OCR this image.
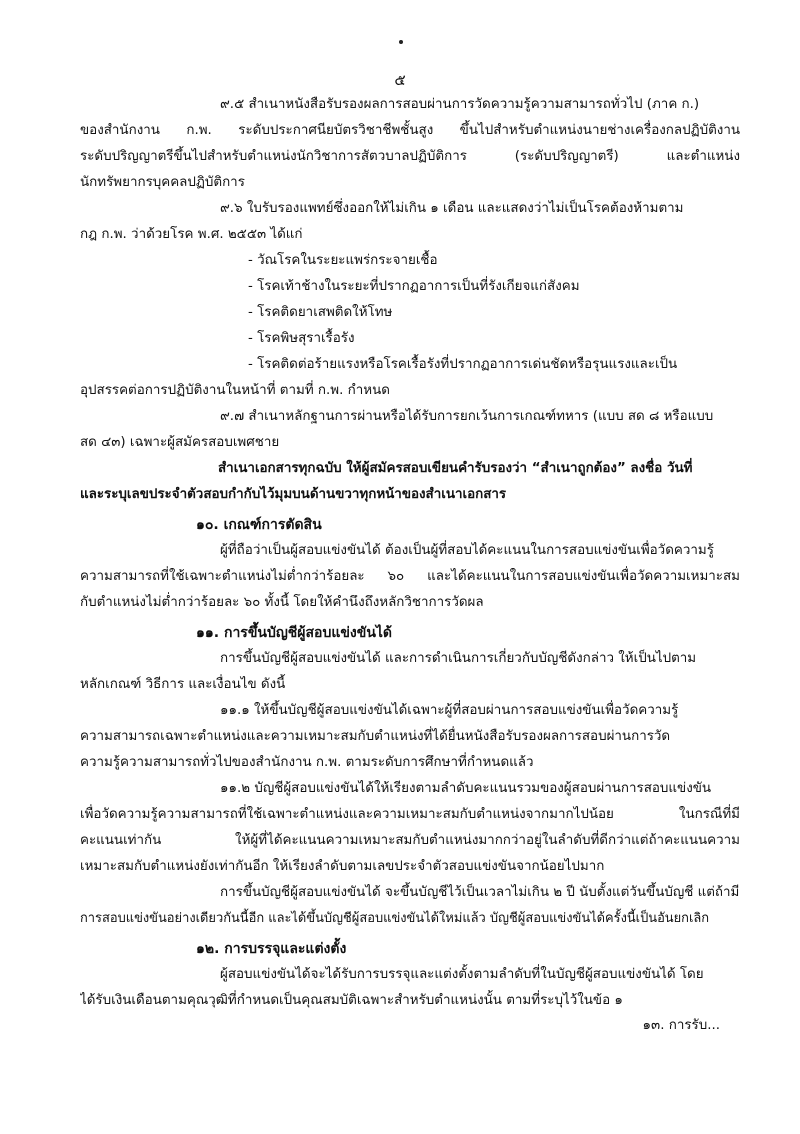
๕
๙.๕ สำเนาหนังสือรับรองผลการสอบผ่านการวัดความรู้ความสามารถทั่วไป (ภาค ก.)
ของสำนักงาน ก.พ. ระดับประกาศนียบัตรวิชาชีพชั้นสูง ขึ้นไปสำหรับตำแหน่งนายช่างเครื่องกลปฏิบัติงาน
ระดับปริญญาตรีขึ้นไปสำหรับตำแหน่งนักวิชาการสัตวบาลปฏิบัติการ (ระดับปริญญาตรี) และตำแหน่ง
นักทรัพยากรบุคคลปฏิบัติการ
๙.๖ ใบรับรองแพทย์ซึ่งออกให้ไม่เกิน ๑ เดือน และแสดงว่าไม่เป็นโรคต้องห้ามตาม
กฎ ก.พ. ว่าด้วยโรค พ.ศ. ๒๕๕๓ ได้แก่
- วัณโรคในระยะแพร่กระจายเชื้อ
- โรคเท้าช้างในระยะที่ปรากฏอาการเป็นที่รังเกียจแก่สังคม
- โรคติดยาเสพติดให้โทษ
- โรคพิษสุราเรื้อรัง
- โรคติดต่อร้ายแรงหรือโรคเรื้อรังที่ปรากฏอาการเด่นชัดหรือรุนแรงและเป็น
อุปสรรคต่อการปฏิบัติงานในหน้าที่ ตามที่ ก.พ. กำหนด
๙.๗ สำเนาหลักฐานการผ่านหรือได้รับการยกเว้นการเกณฑ์ทหาร (แบบ สด ๘ หรือแบบ
สด ๔๓) เฉพาะผู้สมัครสอบเพศชาย
สำเนาเอกสารทุกฉบับ ให้ผู้สมัครสอบเขียนคำรับรองว่า “สำเนาถูกต้อง” ลงชื่อ วันที่
และระบุเลขประจำตัวสอบกำกับไว้มุมบนด้านขวาทุกหน้าของสำเนาเอกสาร
๑๐. เกณฑ์การตัดสิน
ผู้ที่ถือว่าเป็นผู้สอบแข่งขันได้ ต้องเป็นผู้ที่สอบได้คะแนนในการสอบแข่งขันเพื่อวัดความรู้
ความสามารถที่ใช้เฉพาะตำแหน่งไม่ต่ำกว่าร้อยละ ๖๐ และได้คะแนนในการสอบแข่งขันเพื่อวัดความเหมาะสม
กับตำแหน่งไม่ต่ำกว่าร้อยละ ๖๐ ทั้งนี้ โดยให้คำนึงถึงหลักวิชาการวัดผล
๑๑. การขึ้นบัญชีผู้สอบแข่งขันได้
การขึ้นบัญชีผู้สอบแข่งขันได้ และการดำเนินการเกี่ยวกับบัญชีดังกล่าว ให้เป็นไปตาม
หลักเกณฑ์ วิธีการ และเงื่อนไข ดังนี้
๑๑.๑ ให้ขึ้นบัญชีผู้สอบแข่งขันได้เฉพาะผู้ที่สอบผ่านการสอบแข่งขันเพื่อวัดความรู้
ความสามารถเฉพาะตำแหน่งและความเหมาะสมกับตำแหน่งที่ได้ยื่นหนังสือรับรองผลการสอบผ่านการวัด
ความรู้ความสามารถทั่วไปของสำนักงาน ก.พ. ตามระดับการศึกษาที่กำหนดแล้ว
๑๑.๒ บัญชีผู้สอบแข่งขันได้ให้เรียงตามลำดับคะแนนรวมของผู้สอบผ่านการสอบแข่งขัน
เพื่อวัดความรู้ความสามารถที่ใช้เฉพาะตำแหน่งและความเหมาะสมกับตำแหน่งจากมากไปน้อย ในกรณีที่มี
คะแนนเท่ากัน ให้ผู้ที่ได้คะแนนความเหมาะสมกับตำแหน่งมากกว่าอยู่ในลำดับที่ดีกว่าแต่ถ้าคะแนนความ
เหมาะสมกับตำแหน่งยังเท่ากันอีก ให้เรียงลำดับตามเลขประจำตัวสอบแข่งขันจากน้อยไปมาก
การขึ้นบัญชีผู้สอบแข่งขันได้ จะขึ้นบัญชีไว้เป็นเวลาไม่เกิน ๒ ปี นับตั้งแต่วันขึ้นบัญชี แต่ถ้ามี
การสอบแข่งขันอย่างเดียวกันนี้อีก และได้ขึ้นบัญชีผู้สอบแข่งขันได้ใหม่แล้ว บัญชีผู้สอบแข่งขันได้ครั้งนี้เป็นอันยกเลิก
๑๒. การบรรจุและแต่งตั้ง
ผู้สอบแข่งขันได้จะได้รับการบรรจุและแต่งตั้งตามลำดับที่ในบัญชีผู้สอบแข่งขันได้ โดย
ได้รับเงินเดือนตามคุณวุฒิที่กำหนดเป็นคุณสมบัติเฉพาะสำหรับตำแหน่งนั้น ตามที่ระบุไว้ในข้อ ๑
๑๓. การรับ...
